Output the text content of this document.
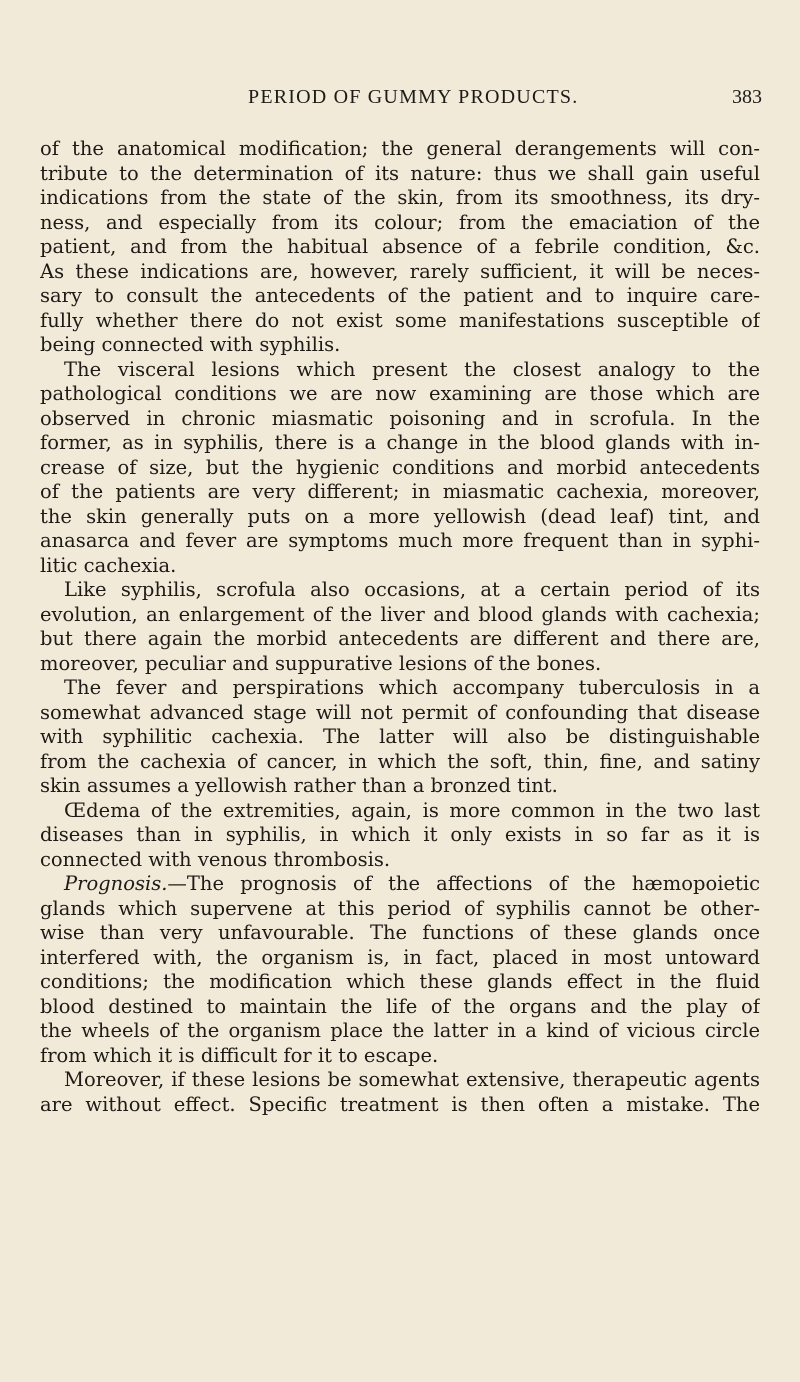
PERIOD OF GUMMY PRODUCTS.	383
of the anatomical modification; the general derangements will con-
tribute to the determination of its nature: thus we shall gain useful
indications from the state of the skin, from its smoothness, its dry-
ness, and especially from its colour; from the emaciation of the
patient, and from the habitual absence of a febrile condition, &c.
As these indications are, however, rarely sufficient, it will be neces-
sary to consult the antecedents of the patient and to inquire care-
fully whether there do not exist some manifestations susceptible of
being connected with syphilis.
The visceral lesions which present the closest analogy to the
pathological conditions we are now examining are those which are
observed in chronic miasmatic poisoning and in scrofula. In the
former, as in syphilis, there is a change in the blood glands with in-
crease of size, but the hygienic conditions and morbid antecedents
of the patients are very different; in miasmatic cachexia, moreover,
the skin generally puts on a more yellowish (dead leaf) tint, and
anasarca and fever are symptoms much more frequent than in syphi-
litic cachexia.
Like syphilis, scrofula also occasions, at a certain period of its
evolution, an enlargement of the liver and blood glands with cachexia;
but there again the morbid antecedents are different and there are,
moreover, peculiar and suppurative lesions of the bones.
The fever and perspirations which accompany tuberculosis in a
somewhat advanced stage will not permit of confounding that disease
with syphilitic cachexia. The latter will also be distinguishable
from the cachexia of cancer, in which the soft, thin, fine, and satiny
skin assumes a yellowish rather than a bronzed tint.
Œdema of the extremities, again, is more common in the two last
diseases than in syphilis, in which it only exists in so far as it is
connected with venous thrombosis.
Prognosis.—The prognosis of the affections of the hæmopoietic
glands which supervene at this period of syphilis cannot be other-
wise than very unfavourable. The functions of these glands once
interfered with, the organism is, in fact, placed in most untoward
conditions; the modification which these glands effect in the fluid
blood destined to maintain the life of the organs and the play of
the wheels of the organism place the latter in a kind of vicious circle
from which it is difficult for it to escape.
Moreover, if these lesions be somewhat extensive, therapeutic agents
are without effect. Specific treatment is then often a mistake. The
